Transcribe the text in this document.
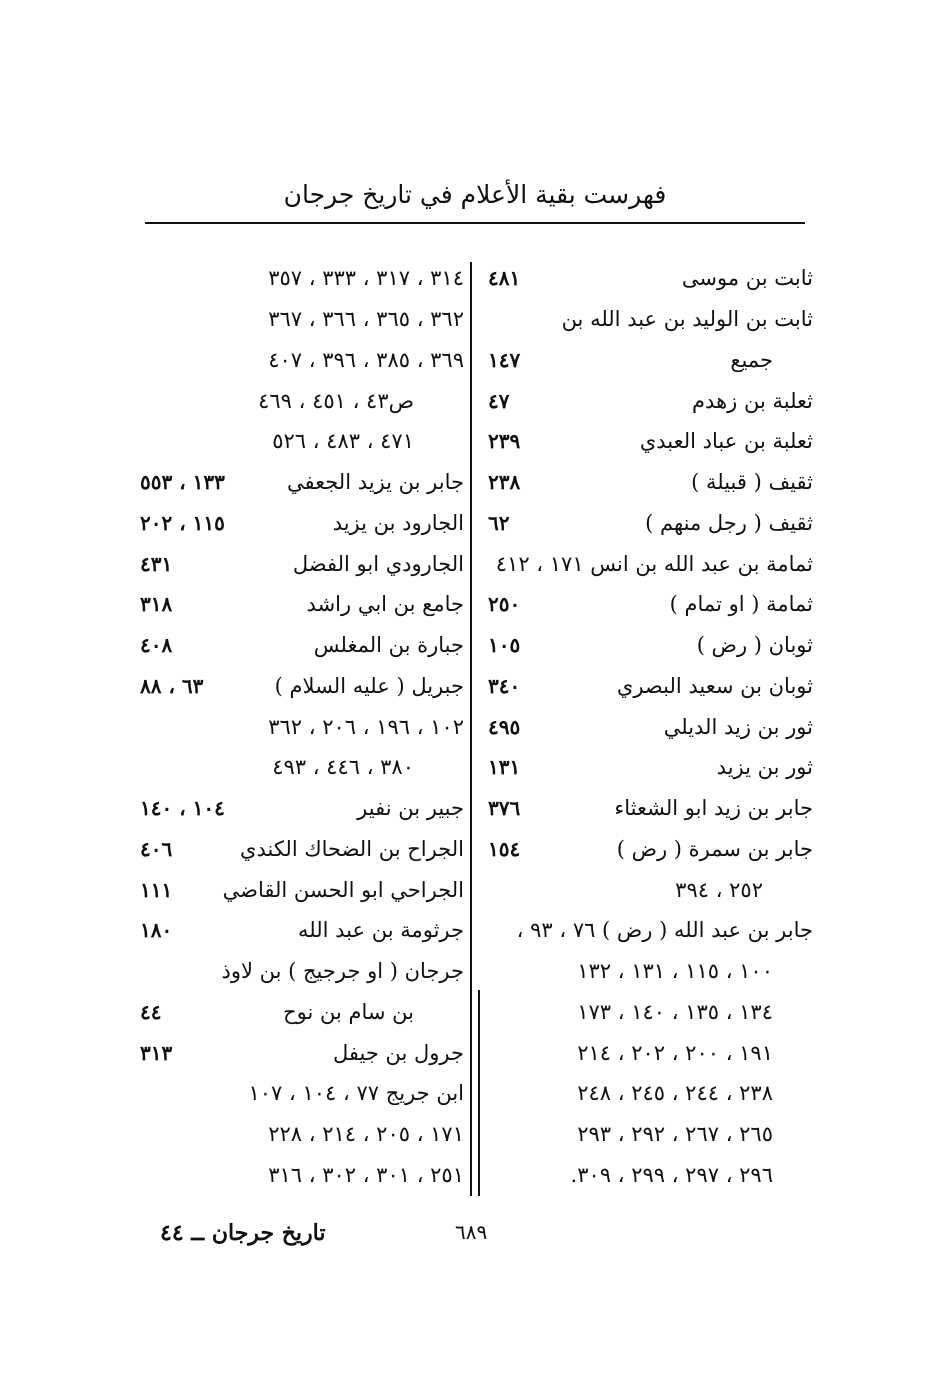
فهرست بقية الأعلام في تاريخ جرجان
ثابت بن موسى
٤٨١
ثابت بن الوليد بن عبد الله بن
جميع
١٤٧
ثعلبة بن زهدم
٤٧
ثعلبة بن عباد العبدي
٢٣٩
ثقيف ( قبيلة )
٢٣٨
ثقيف ( رجل منهم )
٦٢
ثمامة بن عبد الله بن انس ١٧١ ، ٤١٢
ثمامة ( او تمام )
٢٥٠
ثوبان ( رض )
١٠٥
ثوبان بن سعيد البصري
٣٤٠
ثور بن زيد الديلي
٤٩٥
ثور بن يزيد
١٣١
جابر بن زيد ابو الشعثاء
٣٧٦
جابر بن سمرة ( رض )
١٥٤
٢٥٢ ، ٣٩٤
جابر بن عبد الله ( رض ) ٧٦ ، ٩٣ ،
١٠٠ ، ١١٥ ، ١٣١ ، ١٣٢
١٣٤ ، ١٣٥ ، ١٤٠ ، ١٧٣
١٩١ ، ٢٠٠ ، ٢٠٢ ، ٢١٤
٢٣٨ ، ٢٤٤ ، ٢٤٥ ، ٢٤٨
٢٦٥ ، ٢٦٧ ، ٢٩٢ ، ٢٩٣
٢٩٦ ، ٢٩٧ ، ٢٩٩ ، ٣٠٩.
٣١٤ ، ٣١٧ ، ٣٣٣ ، ٣٥٧
٣٦٢ ، ٣٦٥ ، ٣٦٦ ، ٣٦٧
٣٦٩ ، ٣٨٥ ، ٣٩٦ ، ٤٠٧
ص٤٣ ، ٤٥١ ، ٤٦٩
٤٧١ ، ٤٨٣ ، ٥٢٦
جابر بن يزيد الجعفي
١٣٣ ، ٥٥٣
الجارود بن يزيد
١١٥ ، ٢٠٢
الجارودي ابو الفضل
٤٣١
جامع بن ابي راشد
٣١٨
جبارة بن المغلس
٤٠٨
جبريل ( عليه السلام )
٦٣ ، ٨٨
١٠٢ ، ١٩٦ ، ٢٠٦ ، ٣٦٢
٣٨٠ ، ٤٤٦ ، ٤٩٣
جبير بن نفير
١٠٤ ، ١٤٠
الجراح بن الضحاك الكندي
٤٠٦
الجراحي ابو الحسن القاضي
١١١
جرثومة بن عبد الله
١٨٠
جرجان ( او جرجيج ) بن لاوذ
بن سام بن نوح
٤٤
جرول بن جيفل
٣١٣
ابن جريج ٧٧ ، ١٠٤ ، ١٠٧
١٧١ ، ٢٠٥ ، ٢١٤ ، ٢٢٨
٢٥١ ، ٣٠١ ، ٣٠٢ ، ٣١٦
تاريخ جرجان ــ ٤٤	٦٨٩
